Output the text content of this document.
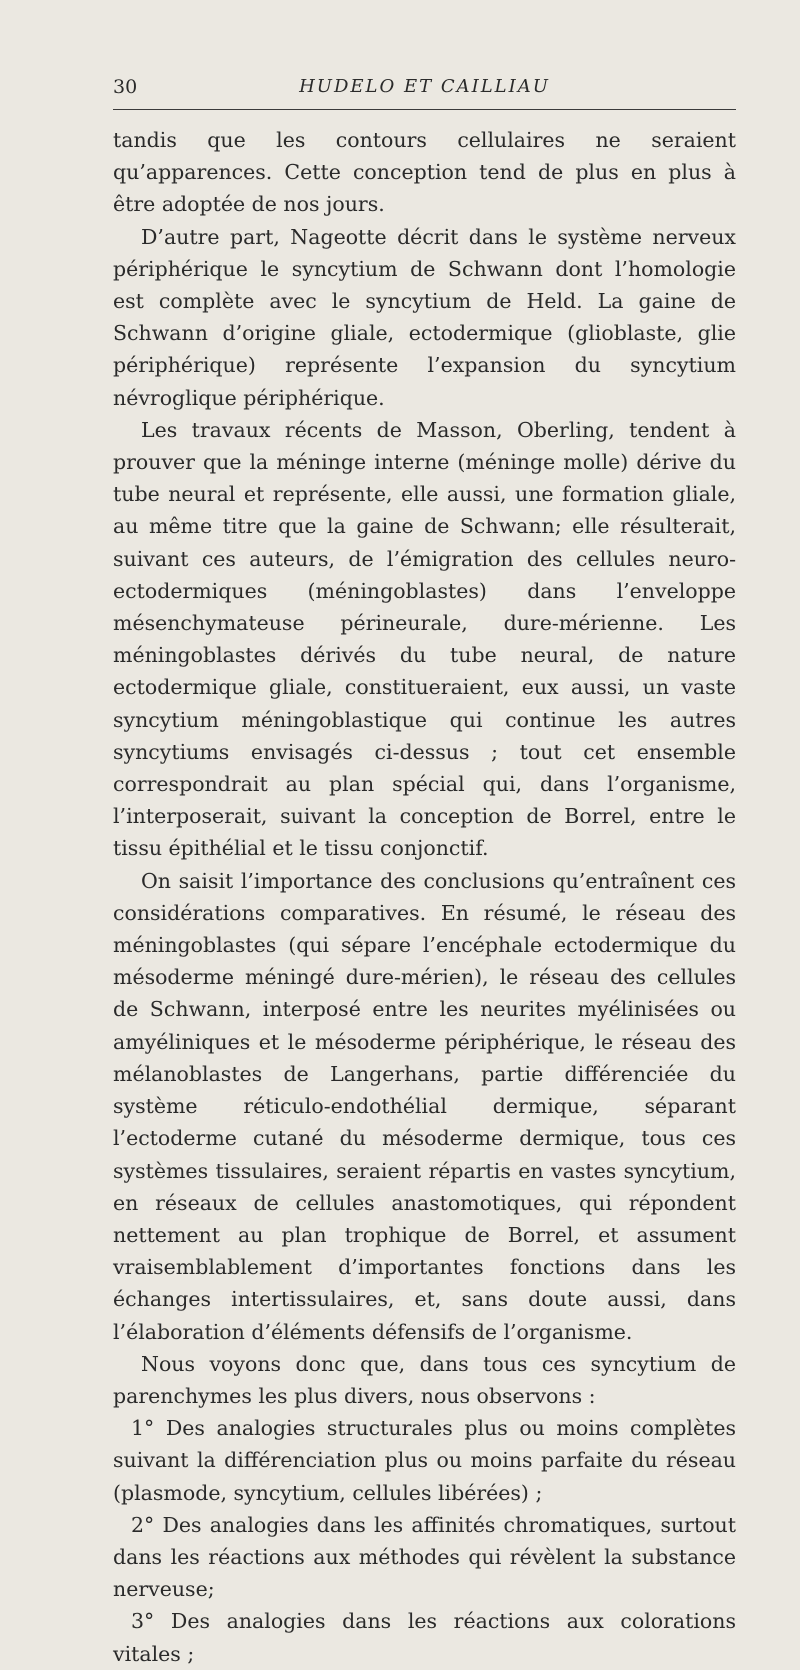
30	HUDELO ET CAILLIAU

tandis que les contours cellulaires ne seraient qu’apparences. Cette conception tend de plus en plus à être adoptée de nos jours.

D’autre part, Nageotte décrit dans le système nerveux périphérique le syncytium de Schwann dont l’homologie est complète avec le syncytium de Held. La gaine de Schwann d’origine gliale, ectodermique (glioblaste, glie périphérique) représente l’expansion du syncytium névroglique périphérique.

Les travaux récents de Masson, Oberling, tendent à prouver que la méninge interne (méninge molle) dérive du tube neural et représente, elle aussi, une formation gliale, au même titre que la gaine de Schwann; elle résulterait, suivant ces auteurs, de l’émigration des cellules neuro-ectodermiques (méningoblastes) dans l’enveloppe mésenchymateuse périneurale, dure-mérienne. Les méningoblastes dérivés du tube neural, de nature ectodermique gliale, constitueraient, eux aussi, un vaste syncytium méningoblastique qui continue les autres syncytiums envisagés ci-dessus ; tout cet ensemble correspondrait au plan spécial qui, dans l’organisme, l’interposerait, suivant la conception de Borrel, entre le tissu épithélial et le tissu conjonctif.

On saisit l’importance des conclusions qu’entraînent ces considérations comparatives. En résumé, le réseau des méningoblastes (qui sépare l’encéphale ectodermique du mésoderme méningé dure-mérien), le réseau des cellules de Schwann, interposé entre les neurites myélinisées ou amyéliniques et le mésoderme périphérique, le réseau des mélanoblastes de Langerhans, partie différenciée du système réticulo-endothélial dermique, séparant l’ectoderme cutané du mésoderme dermique, tous ces systèmes tissulaires, seraient répartis en vastes syncytium, en réseaux de cellules anastomotiques, qui répondent nettement au plan trophique de Borrel, et assument vraisemblablement d’importantes fonctions dans les échanges intertissulaires, et, sans doute aussi, dans l’élaboration d’éléments défensifs de l’organisme.

Nous voyons donc que, dans tous ces syncytium de parenchymes les plus divers, nous observons :

1° Des analogies structurales plus ou moins complètes suivant la différenciation plus ou moins parfaite du réseau (plasmode, syncytium, cellules libérées) ;

2° Des analogies dans les affinités chromatiques, surtout dans les réactions aux méthodes qui révèlent la substance nerveuse;

3° Des analogies dans les réactions aux colorations vitales ;
